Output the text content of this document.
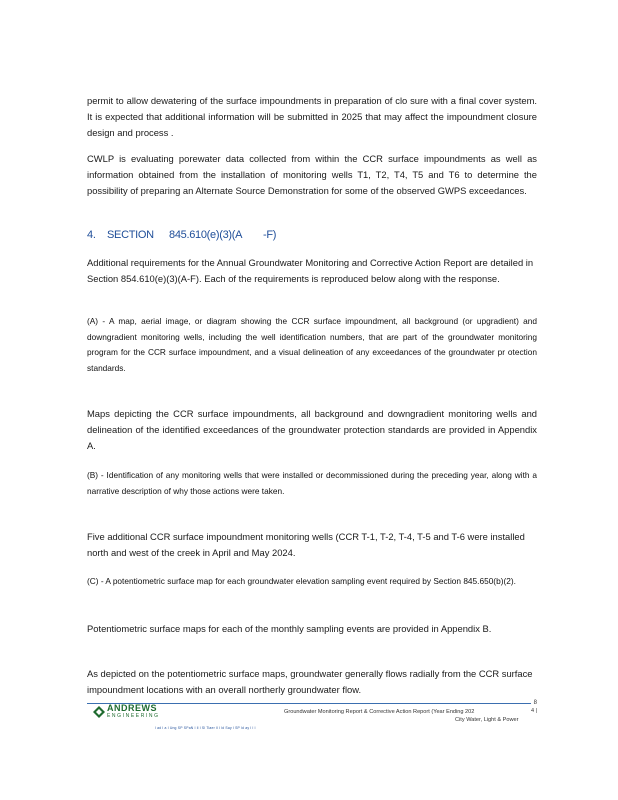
permit to allow dewatering of the surface impoundments in preparation of clo sure with a final cover system. It is expected that additional information will be submitted in 2025 that may affect the impoundment closure design and process .

CWLP is evaluating porewater data collected from within the CCR surface impoundments as well as information obtained from the installation of monitoring wells T1, T2, T4, T5 and T6 to determine the possibility of preparing an Alternate Source Demonstration for some of the observed GWPS exceedances.

4. SECTION 845.610(e)(3)(A -F)

Additional requirements for the Annual Groundwater Monitoring and Corrective Action Report are detailed in Section 854.610(e)(3)(A-F). Each of the requirements is reproduced below along with the response.

(A) - A map, aerial image, or diagram showing the CCR surface impoundment, all background (or upgradient) and downgradient monitoring wells, including the well identification numbers, that are part of the groundwater monitoring program for the CCR surface impoundment, and a visual delineation of any exceedances of the groundwater pr otection standards.

Maps depicting the CCR surface impoundments, all background and downgradient monitoring wells and delineation of the identified exceedances of the groundwater protection standards are provided in Appendix A.

(B) - Identification of any monitoring wells that were installed or decommissioned during the preceding year, along with a narrative description of why those actions were taken.

Five additional CCR surface impoundment monitoring wells (CCR T-1, T-2, T-4, T-5 and T-6 were installed north and west of the creek in April and May 2024.

(C) - A potentiometric surface map for each groundwater elevation sampling event required by Section 845.650(b)(2).

Potentiometric surface maps for each of the monthly sampling events are provided in Appendix B.

As depicted on the potentiometric surface maps, groundwater generally flows radially from the CCR surface impoundment locations with an overall northerly groundwater flow.

ANDREWS
ENGINEERING
Groundwater Monitoring Report & Corrective Action Report (Year Ending 202
City Water, Light & Power
8
4 |
l ad l a l Ung SP SPaN l ll l Sl Tiaer ll l ld Say l SP ld ay l l l
